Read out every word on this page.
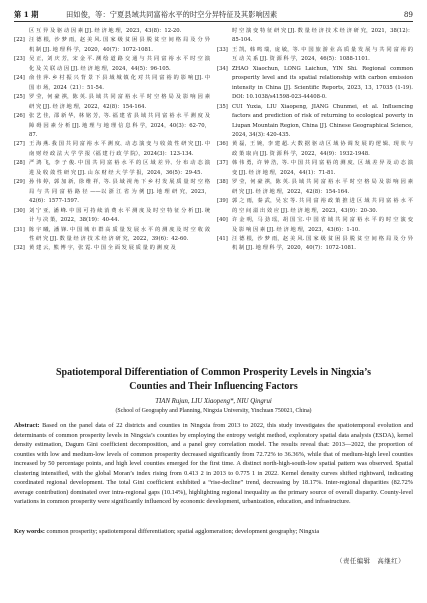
第 1 期	田如俊，等：宁夏县域共同富裕水平的时空分异特征及其影响因素	89
区 互 异 及 驱 动 因 素 [J]. 经 济 地 理，2023，43(8)：12-20.
[22] 汪 德 根，沙 梦 雨，赵 美 风. 国 家 级 贫 困 县 脱 贫 空 间 格 局 及 分 异 机 制 [J]. 地 理 科 学，2020，40(7)：1072-1081.
[23] 吴 正，刘 庆 芳，宋 金 平. 测 绘 道 路 交 通 与 共 同 富 裕 水 平 时 空 演 化 及 关 联 动 因 [J]. 经 济 地 理，2024，44(5)：96-105.
[24] 俞 佳 萍. 乡 村 振 兴 背 景 下 县 域 城 镇 化 对 共 同 富 裕 的 影 响 [J]. 中 国 市 场，2024（21）：51-54.
[25] 罗 莹，何 豪 祺，陈 英. 县 域 共 同 富 裕 水 平 时 空 格 局 及 影 响 因 素 研 究 [J]. 经 济 地 理，2022，42(8)：154-164.
[26] 张 艺 佳，邵 新 华，林 铭 芳，等. 福 建 省 县 域 共 同 富 裕 水 平 测 度 及 障 碍 因 素 分 析 [J]. 地 理 与 地 理 信 息 科 学，2024，40(3)：62-70，87.
[27] 王 海 燕. 我 国 共 同 富 裕 水 平 测 度、动 态 演 变 与 收 敛 性 研 究 [J]. 中 南 财 经 政 法 大 学 学 报（福 建 行 政 学 院），2024(3)：123-134.
[28] 严 鸿 飞，李 子 俊. 中 国 共 同 富 裕 水 平 的 区 域 差 异、分 布 动 态 演 进 及 收 敛 性 研 究 [J]. 山 东 财 经 大 学 学 报，2024，36(5)：29-45.
[29] 孙 伟 婷，郭 加 新，徐 维 祥，等. 县 域 视 角 下 乡 村 发 展 质 量 时 空 格 局 与 共 同 富 裕 路 径 ——以 浙 江 省 为 例 [J]. 地 理 研 究，2023，42(6)：1577-1597.
[30] 刘 宁 亚，潘 峰. 中 国 可 持 续 消 费 水 平 测 度 及 时 空 特 征 分 析 [J]. 统 计 与 决 策，2022，38(19)：40-44.
[31] 陈 宇 曦，潘 锋. 中 国 城 市 群 高 质 量 发 展 水 平 的 测 度 及 时 空 收 敛 性 研 究 [J]. 数 量 经 济 技 术 经 济 研 究，2022，39(6)：42-60.
[32] 黄 建 云，熊 博 宇，张 霓. 中 国 全 面 发 展 质 量 的 测 度 及
时 空 演 变 特 征 研 究 [J]. 数 量 经 济 技 术 经 济 研 究，2021，38(12)：85-104.
[33] 王 凯，韩 鸣 瑞，庞 敏，等. 中 国 旅 游 业 高 质 量 发 展 与 共 同 富 裕 的 互 动 关 系 [J]. 资 源 科 学，2024，46(5)：1088-1101.
[34] ZHAO Xiaochun, LONG Laichun, YIN Shi. Regional common prosperity level and its spatial relationship with carbon emission intensity in China [J]. Scientific Reports, 2023, 13, 17035 (1-19). DOI: 10.1038/s41598-023-44408-0.
[35] CUI Yuxia, LIU Xiaopeng, JIANG Chunmei, et al. Influencing factors and prediction of risk of returning to ecological poverty in Liupan Mountain Region, China [J]. Chinese Geographical Science, 2024, 34(3): 420-435.
[36] 黄 磊，王 婉，李 建 超. 大 数 据 驱 动 区 域 协 调 发 展 的 逻 辑、现 状 与 政 策 取 向 [J]. 资 源 科 学，2022，44(9)：1932-1948.
[37] 韩 伟 勇，许 钟 浩，等. 中 国 共 同 富 裕 的 测 度、区 域 差 异 及 动 态 演 变 [J]. 经 济 地 理，2024，44(1)：71-81.
[38] 罗 莹，何 豪 祺，陈 英. 县 域 共 同 富 裕 水 平 时 空 格 局 及 影 响 因 素 研 究 [J]. 经 济 地 理，2022，42(8)：154-164.
[39] 郭 之 雨，秦 武，吴 宏 等. 共 同 富 裕 政 策 推 进 区 域 共 同 富 裕 水 平 的 空 间 溢 出 效 应 [J]. 经 济 地 理，2023，43(9)：20-30.
[40] 许 金 明，马 劲 瑶，胡 国 宝. 中 国 省 域 共 同 富 裕 水 平 的 时 空 演 变 及 影 响 因 素 [J]. 经 济 地 理，2023，43(6)：1-10.
[41] 汪 德 根，沙 梦 雨，赵 美 风. 国 家 级 贫 困 县 脱 贫 空 间 格 局 及 分 异 机 制 [J]. 地 理 科 学，2020，40(7)：1072-1081.
Spatiotemporal Differentiation of Common Prosperity Levels in Ningxia’s
Counties and Their Influencing Factors
TIAN Rujun, LIU Xiaopeng*, NIU Qingrui
(School of Geography and Planning, Ningxia University, Yinchuan 750021, China)
Abstract: Based on the panel data of 22 districts and counties in Ningxia from 2013 to 2022, this study investigates the spatiotemporal evolution and determinants of common prosperity levels in Ningxia’s counties by employing the entropy weight method, exploratory spatial data analysis (ESDA), kernel density estimation, Dagum Gini coefficient decomposition, and a panel grey correlation model. The results reveal that: 2013—2022, the proportion of counties with low and medium-low levels of common prosperity decreased significantly from 72.72% to 36.36%, while that of medium-high level counties increased by 50 percentage points, and high level counties emerged for the first time. A distinct north-high-south-low spatial pattern was observed. Spatial clustering intensified, with the global Moran’s index rising from 0.413 2 in 2013 to 0.775 1 in 2022. Kernel density curves shifted rightward, indicating coordinated regional development. The total Gini coefficient exhibited a “rise-decline” trend, decreasing by 18.17%. Inter-regional disparities (82.72% average contribution) dominated over intra-regional gaps (10.14%), highlighting regional inequality as the primary source of overall disparity. County-level variations in common prosperity were significantly influenced by economic development, urbanization, education, and infrastructure.
Key words: common prosperity; spatiotemporal differentiation; spatial agglomeration; development geography; Ningxia
（责任编辑　高继红）
